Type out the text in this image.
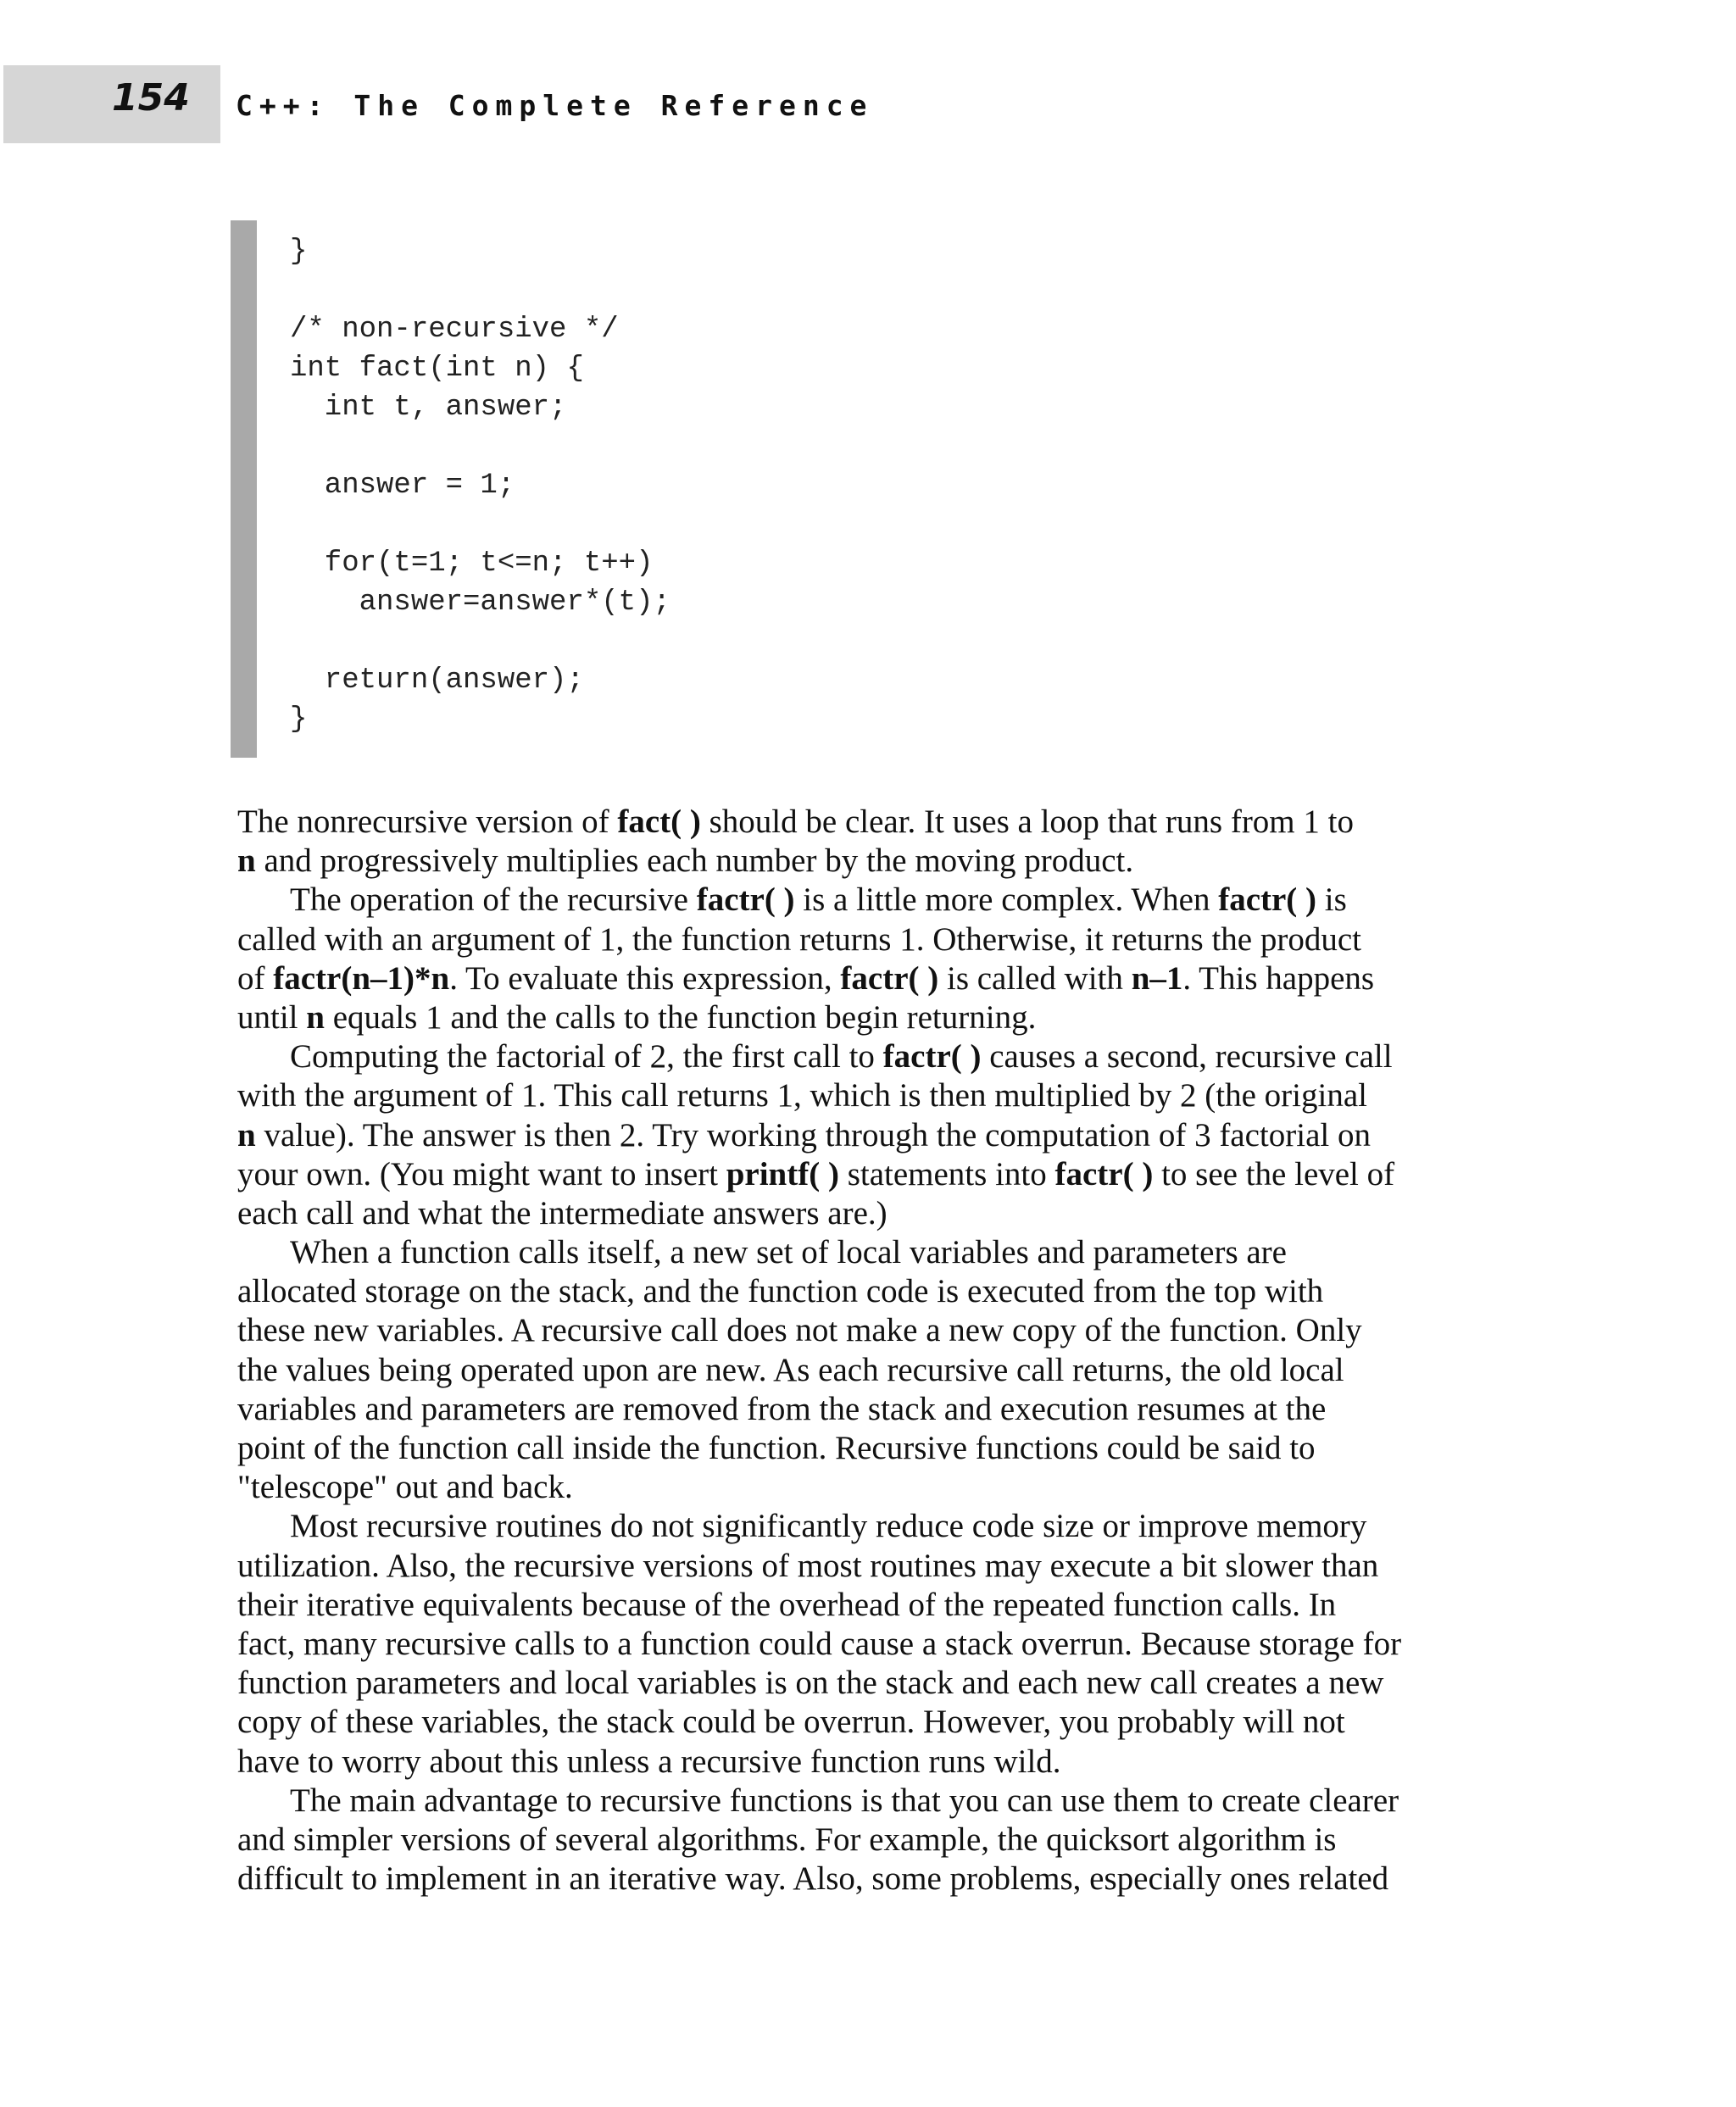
154 C++: The Complete Reference
}
/* non-recursive */
int fact(int n) {
int t, answer;
answer = 1;
for(t=1; t<=n; t++)
answer=answer*(t);
return(answer);
}
The nonrecursive version of fact( ) should be clear. It uses a loop that runs from 1 to
n and progressively multiplies each number by the moving product.
The operation of the recursive factr( ) is a little more complex. When factr( ) is
called with an argument of 1, the function returns 1. Otherwise, it returns the product
of factr(n–1)*n. To evaluate this expression, factr( ) is called with n–1. This happens
until n equals 1 and the calls to the function begin returning.
Computing the factorial of 2, the first call to factr( ) causes a second, recursive call
with the argument of 1. This call returns 1, which is then multiplied by 2 (the original
n value). The answer is then 2. Try working through the computation of 3 factorial on
your own. (You might want to insert printf( ) statements into factr( ) to see the level of
each call and what the intermediate answers are.)
When a function calls itself, a new set of local variables and parameters are
allocated storage on the stack, and the function code is executed from the top with
these new variables. A recursive call does not make a new copy of the function. Only
the values being operated upon are new. As each recursive call returns, the old local
variables and parameters are removed from the stack and execution resumes at the
point of the function call inside the function. Recursive functions could be said to
"telescope" out and back.
Most recursive routines do not significantly reduce code size or improve memory
utilization. Also, the recursive versions of most routines may execute a bit slower than
their iterative equivalents because of the overhead of the repeated function calls. In
fact, many recursive calls to a function could cause a stack overrun. Because storage for
function parameters and local variables is on the stack and each new call creates a new
copy of these variables, the stack could be overrun. However, you probably will not
have to worry about this unless a recursive function runs wild.
The main advantage to recursive functions is that you can use them to create clearer
and simpler versions of several algorithms. For example, the quicksort algorithm is
difficult to implement in an iterative way. Also, some problems, especially ones related
